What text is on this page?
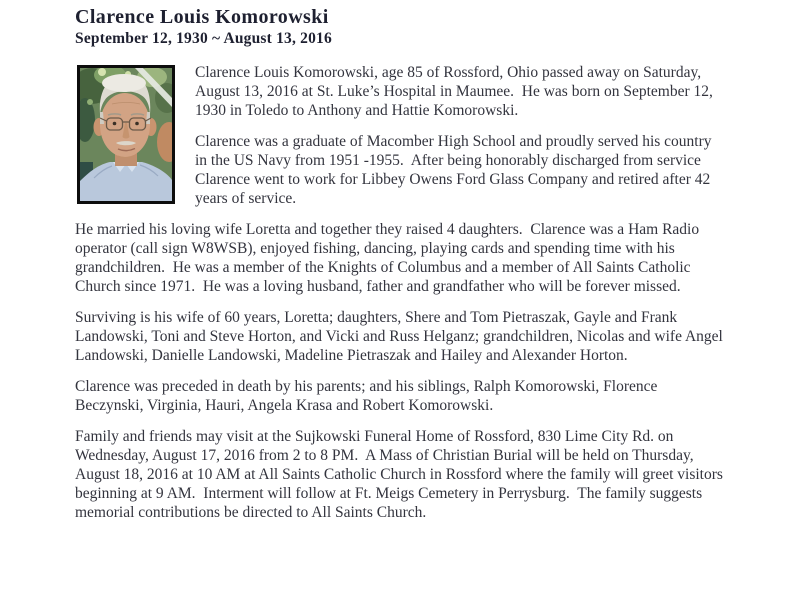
Clarence Louis Komorowski
September 12, 1930 ~ August 13, 2016

Clarence Louis Komorowski, age 85 of Rossford, Ohio passed away on Saturday, August 13, 2016 at St. Luke’s Hospital in Maumee.  He was born on September 12, 1930 in Toledo to Anthony and Hattie Komorowski.

Clarence was a graduate of Macomber High School and proudly served his country in the US Navy from 1951 -1955.  After being honorably discharged from service Clarence went to work for Libbey Owens Ford Glass Company and retired after 42 years of service.

He married his loving wife Loretta and together they raised 4 daughters.  Clarence was a Ham Radio operator (call sign W8WSB), enjoyed fishing, dancing, playing cards and spending time with his grandchildren.  He was a member of the Knights of Columbus and a member of All Saints Catholic Church since 1971.  He was a loving husband, father and grandfather who will be forever missed.

Surviving is his wife of 60 years, Loretta; daughters, Shere and Tom Pietraszak, Gayle and Frank Landowski, Toni and Steve Horton, and Vicki and Russ Helganz; grandchildren, Nicolas and wife Angel Landowski, Danielle Landowski, Madeline Pietraszak and Hailey and Alexander Horton.

Clarence was preceded in death by his parents; and his siblings, Ralph Komorowski, Florence Beczynski, Virginia, Hauri, Angela Krasa and Robert Komorowski.

Family and friends may visit at the Sujkowski Funeral Home of Rossford, 830 Lime City Rd. on Wednesday, August 17, 2016 from 2 to 8 PM.  A Mass of Christian Burial will be held on Thursday, August 18, 2016 at 10 AM at All Saints Catholic Church in Rossford where the family will greet visitors beginning at 9 AM.  Interment will follow at Ft. Meigs Cemetery in Perrysburg.  The family suggests memorial contributions be directed to All Saints Church.
